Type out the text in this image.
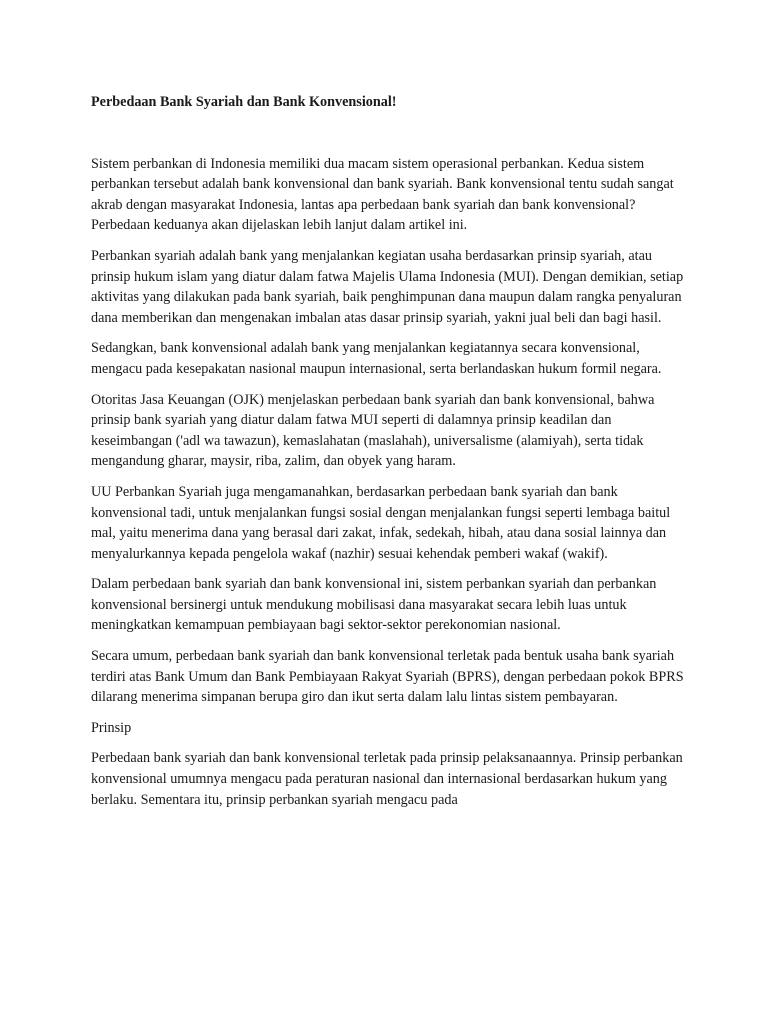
Perbedaan Bank Syariah dan Bank Konvensional!

Sistem perbankan di Indonesia memiliki dua macam sistem operasional perbankan. Kedua sistem perbankan tersebut adalah bank konvensional dan bank syariah. Bank konvensional tentu sudah sangat akrab dengan masyarakat Indonesia, lantas apa perbedaan bank syariah dan bank konvensional? Perbedaan keduanya akan dijelaskan lebih lanjut dalam artikel ini.

Perbankan syariah adalah bank yang menjalankan kegiatan usaha berdasarkan prinsip syariah, atau prinsip hukum islam yang diatur dalam fatwa Majelis Ulama Indonesia (MUI). Dengan demikian, setiap aktivitas yang dilakukan pada bank syariah, baik penghimpunan dana maupun dalam rangka penyaluran dana memberikan dan mengenakan imbalan atas dasar prinsip syariah, yakni jual beli dan bagi hasil.

Sedangkan, bank konvensional adalah bank yang menjalankan kegiatannya secara konvensional, mengacu pada kesepakatan nasional maupun internasional, serta berlandaskan hukum formil negara.

Otoritas Jasa Keuangan (OJK) menjelaskan perbedaan bank syariah dan bank konvensional, bahwa prinsip bank syariah yang diatur dalam fatwa MUI seperti di dalamnya prinsip keadilan dan keseimbangan ('adl wa tawazun), kemaslahatan (maslahah), universalisme (alamiyah), serta tidak mengandung gharar, maysir, riba, zalim, dan obyek yang haram.

UU Perbankan Syariah juga mengamanahkan, berdasarkan perbedaan bank syariah dan bank konvensional tadi, untuk menjalankan fungsi sosial dengan menjalankan fungsi seperti lembaga baitul mal, yaitu menerima dana yang berasal dari zakat, infak, sedekah, hibah, atau dana sosial lainnya dan menyalurkannya kepada pengelola wakaf (nazhir) sesuai kehendak pemberi wakaf (wakif).

Dalam perbedaan bank syariah dan bank konvensional ini, sistem perbankan syariah dan perbankan konvensional bersinergi untuk mendukung mobilisasi dana masyarakat secara lebih luas untuk meningkatkan kemampuan pembiayaan bagi sektor-sektor perekonomian nasional.

Secara umum, perbedaan bank syariah dan bank konvensional terletak pada bentuk usaha bank syariah terdiri atas Bank Umum dan Bank Pembiayaan Rakyat Syariah (BPRS), dengan perbedaan pokok BPRS dilarang menerima simpanan berupa giro dan ikut serta dalam lalu lintas sistem pembayaran.

Prinsip

Perbedaan bank syariah dan bank konvensional terletak pada prinsip pelaksanaannya. Prinsip perbankan konvensional umumnya mengacu pada peraturan nasional dan internasional berdasarkan hukum yang berlaku. Sementara itu, prinsip perbankan syariah mengacu pada
